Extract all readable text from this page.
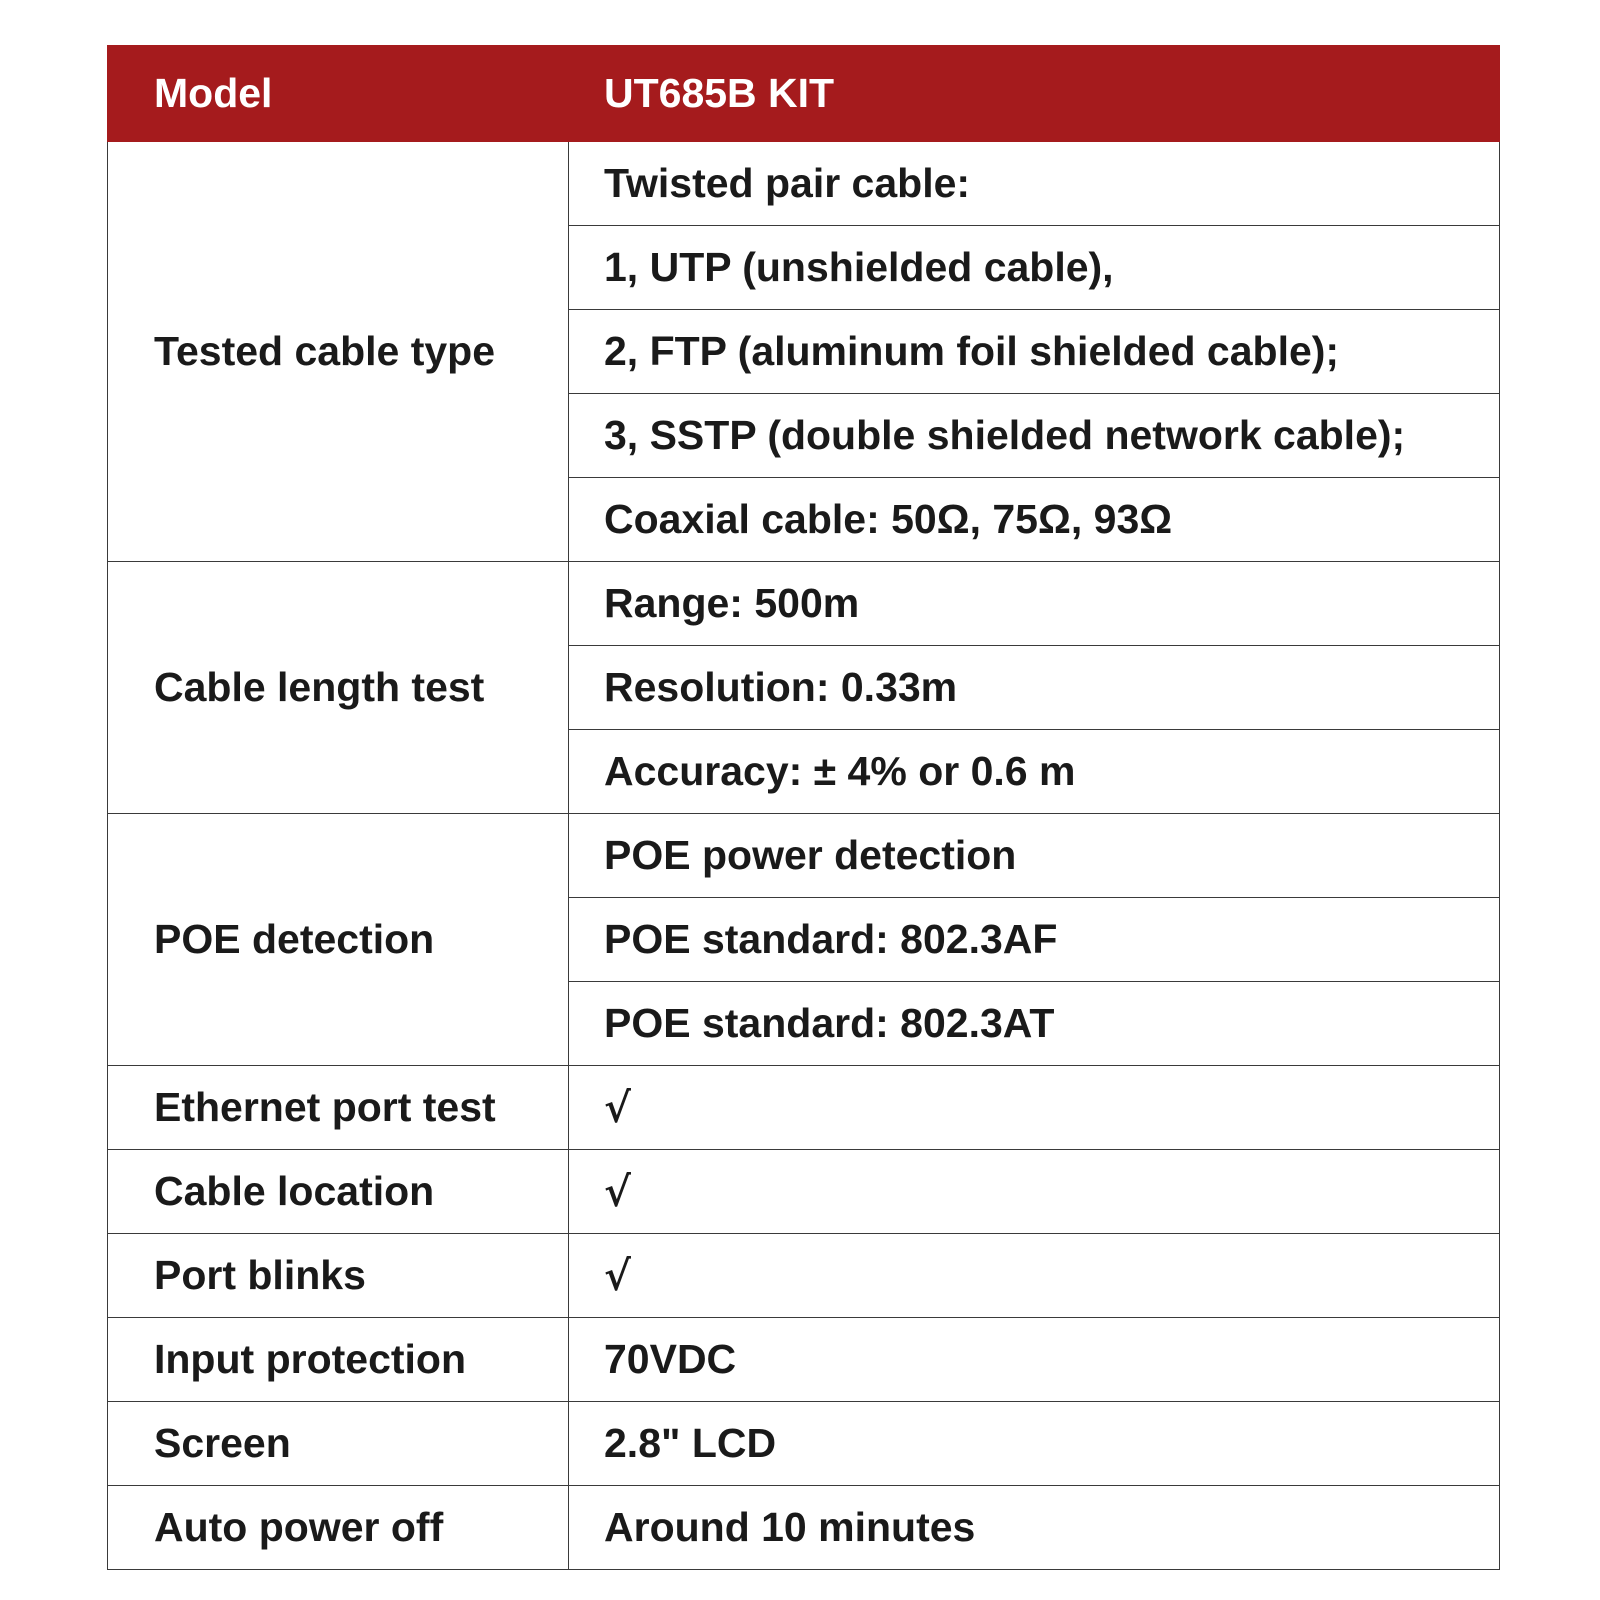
Model	UT685B KIT
Tested cable type	Twisted pair cable:
	1, UTP (unshielded cable),
	2, FTP (aluminum foil shielded cable);
	3, SSTP (double shielded network cable);
	Coaxial cable: 50Ω, 75Ω, 93Ω
Cable length test	Range: 500m
	Resolution: 0.33m
	Accuracy: ± 4% or 0.6 m
POE detection	POE power detection
	POE standard: 802.3AF
	POE standard: 802.3AT
Ethernet port test	√
Cable location	√
Port blinks	√
Input protection	70VDC
Screen	2.8" LCD
Auto power off	Around 10 minutes
